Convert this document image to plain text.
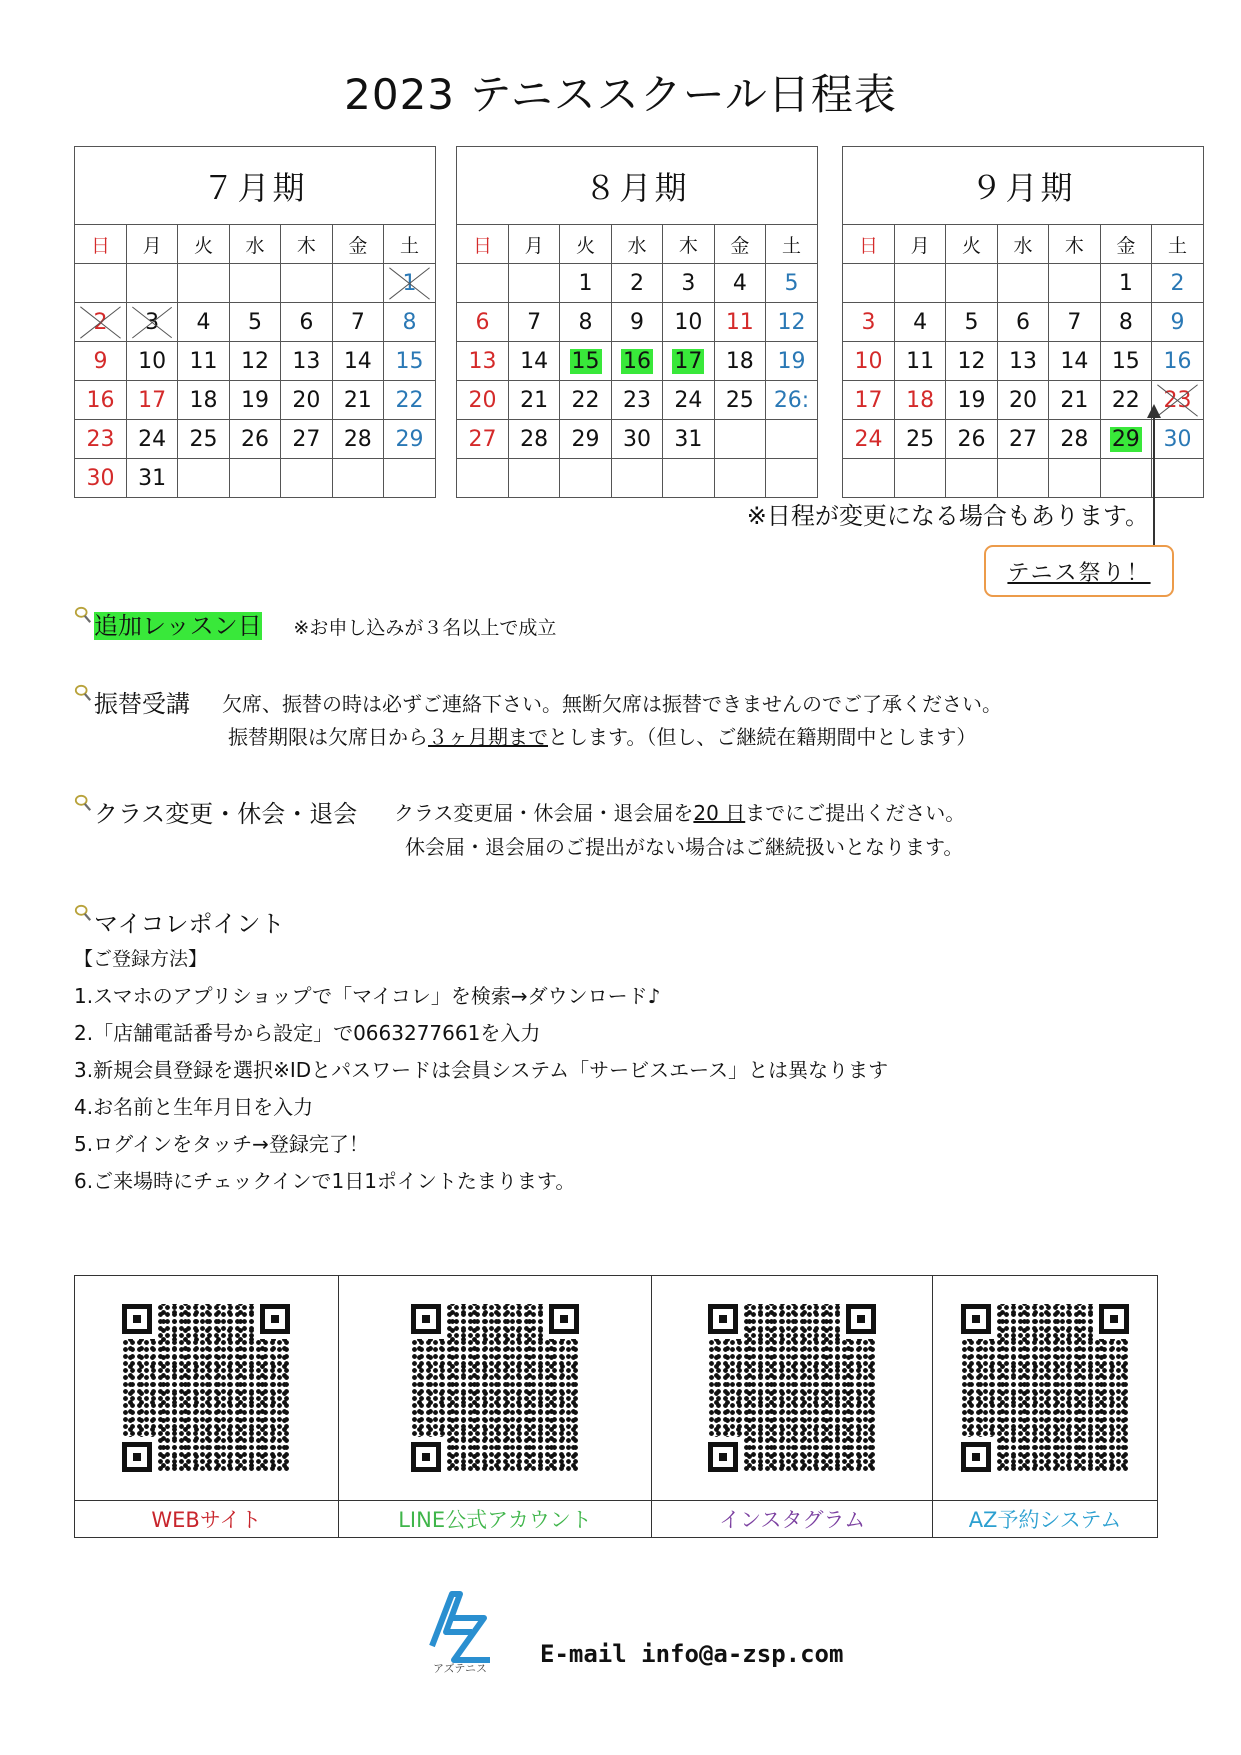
2023 テニススクール日程表
７月期
日	月	火	水	木	金	土
						1
2	3	4	5	6	7	8
9	10	11	12	13	14	15
16	17	18	19	20	21	22
23	24	25	26	27	28	29
30	31					
８月期
日	月	火	水	木	金	土
		1	2	3	4	5
6	7	8	9	10	11	12
13	14	15	16	17	18	19
20	21	22	23	24	25	26:
27	28	29	30	31		

９月期
日	月	火	水	木	金	土
					1	2
3	4	5	6	7	8	9
10	11	12	13	14	15	16
17	18	19	20	21	22	23
24	25	26	27	28	29	30

※日程が変更になる場合もあります。
テニス祭り！
追加レッスン日 ※お申し込みが３名以上で成立
振替受講 欠席、振替の時は必ずご連絡下さい。無断欠席は振替できませんのでご了承ください。
振替期限は欠席日から３ヶ月期までとします。（但し、ご継続在籍期間中とします）
クラス変更・休会・退会 クラス変更届・休会届・退会届を20 日までにご提出ください。
休会届・退会届のご提出がない場合はご継続扱いとなります。
マイコレポイント
【ご登録方法】
1.スマホのアプリショップで「マイコレ」を検索→ダウンロード♪
2.「店舗電話番号から設定」で0663277661を入力
3.新規会員登録を選択※IDとパスワードは会員システム「サービスエース」とは異なります
4.お名前と生年月日を入力
5.ログインをタッチ→登録完了！
6.ご来場時にチェックインで1日1ポイントたまります。
WEBサイト	LINE公式アカウント	インスタグラム	AZ予約システム
アズテニス
E-mail info@a-zsp.com
